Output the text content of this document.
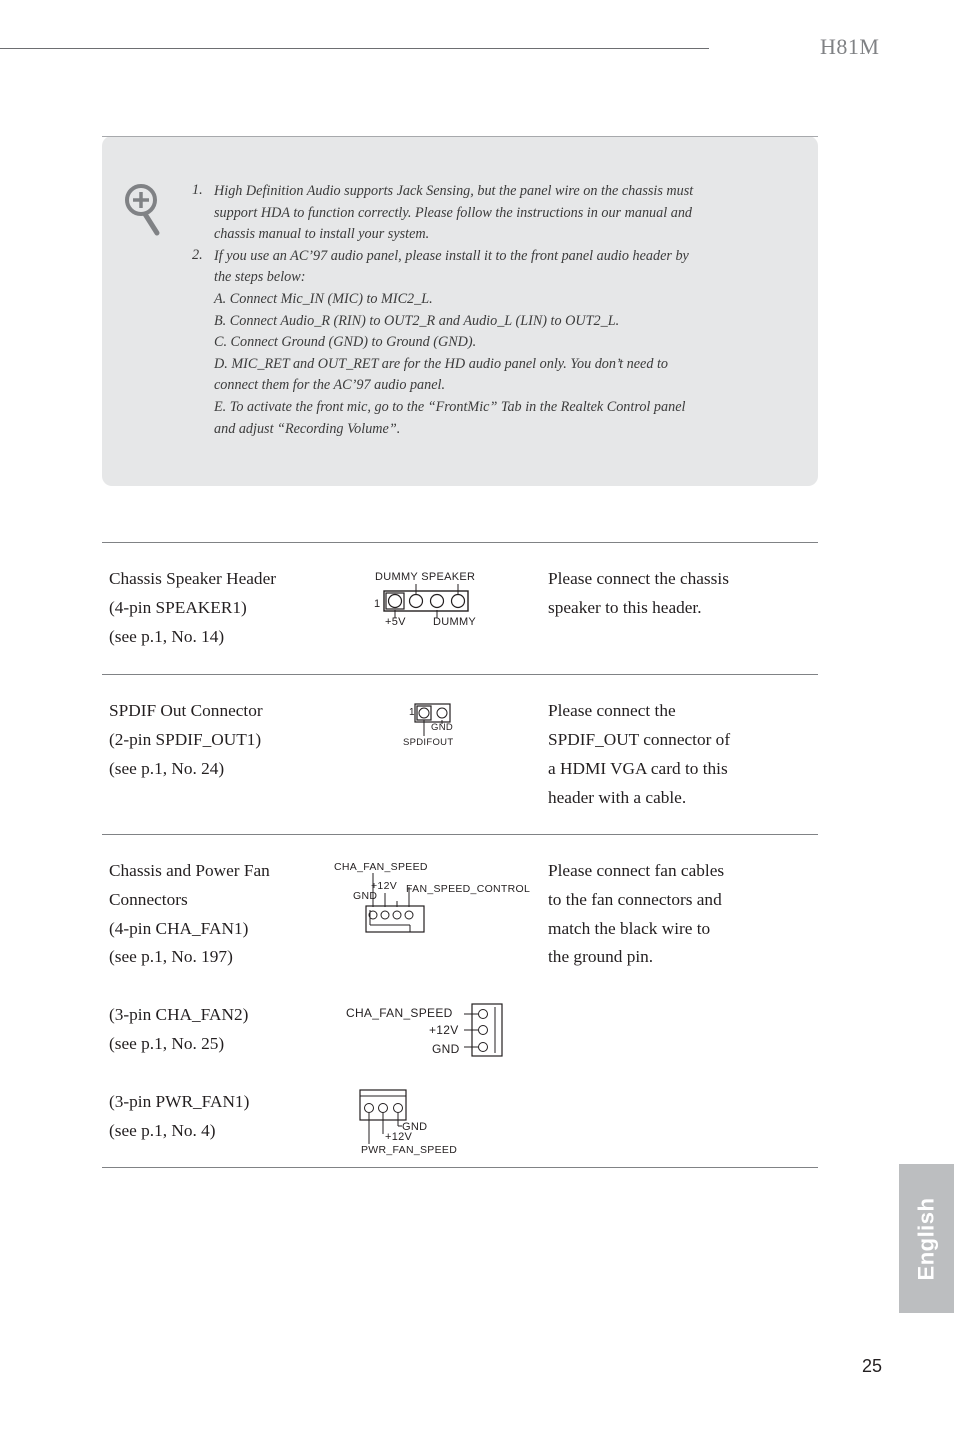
H81M
1. High Definition Audio supports Jack Sensing, but the panel wire on the chassis must
support HDA to function correctly. Please follow the instructions in our manual and
chassis manual to install your system.
2. If you use an AC’97 audio panel, please install it to the front panel audio header by
the steps below:
A. Connect Mic_IN (MIC) to MIC2_L.
B. Connect Audio_R (RIN) to OUT2_R and Audio_L (LIN) to OUT2_L.
C. Connect Ground (GND) to Ground (GND).
D. MIC_RET and OUT_RET are for the HD audio panel only. You don’t need to
connect them for the AC’97 audio panel.
E. To activate the front mic, go to the “FrontMic” Tab in the Realtek Control panel
and adjust “Recording Volume”.
Chassis Speaker Header
(4-pin SPEAKER1)
(see p.1, No. 14)
Please connect the chassis
speaker to this header.
DUMMY SPEAKER
1
+5V DUMMY
SPDIF Out Connector
(2-pin SPDIF_OUT1)
(see p.1, No. 24)
Please connect the
SPDIF_OUT connector of
a HDMI VGA card to this
header with a cable.
1
GND
SPDIFOUT
Chassis and Power Fan
Connectors
(4-pin CHA_FAN1)
(see p.1, No. 197)
Please connect fan cables
to the fan connectors and
match the black wire to
the ground pin.
(3-pin CHA_FAN2)
(see p.1, No. 25)
(3-pin PWR_FAN1)
(see p.1, No. 4)
CHA_FAN_SPEED
+12V
GND
FAN_SPEED_CONTROL
CHA_FAN_SPEED
+12V
GND
GND
+12V
PWR_FAN_SPEED
English
25
